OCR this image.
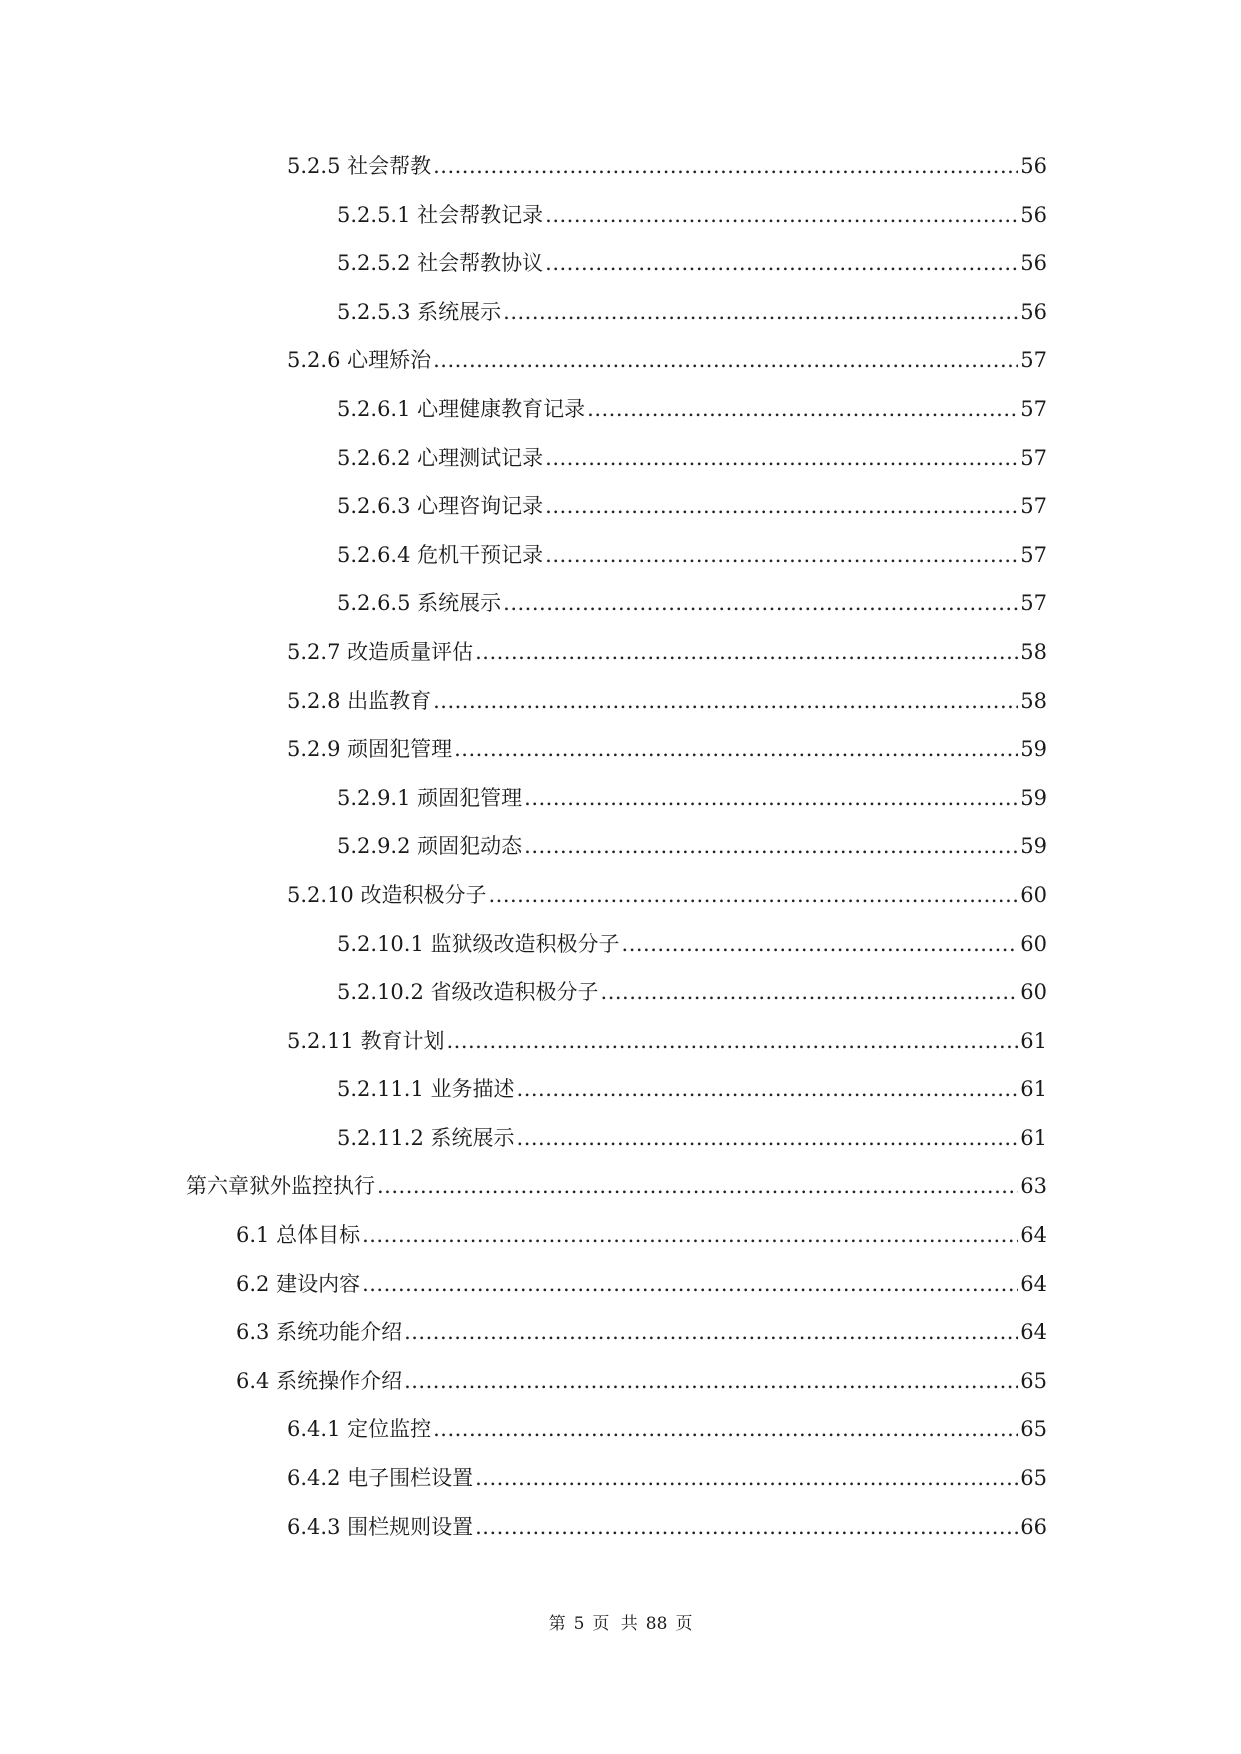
5.2.5 社会帮教 .....	56
5.2.5.1 社会帮教记录 .....	56
5.2.5.2 社会帮教协议 .....	56
5.2.5.3 系统展示 .....	56
5.2.6 心理矫治 .....	57
5.2.6.1 心理健康教育记录 .....	57
5.2.6.2 心理测试记录 .....	57
5.2.6.3 心理咨询记录 .....	57
5.2.6.4 危机干预记录 .....	57
5.2.6.5 系统展示 .....	57
5.2.7 改造质量评估 .....	58
5.2.8 出监教育 .....	58
5.2.9 顽固犯管理 .....	59
5.2.9.1 顽固犯管理 .....	59
5.2.9.2 顽固犯动态 .....	59
5.2.10 改造积极分子 .....	60
5.2.10.1 监狱级改造积极分子 .....	60
5.2.10.2 省级改造积极分子 .....	60
5.2.11 教育计划 .....	61
5.2.11.1 业务描述 .....	61
5.2.11.2 系统展示 .....	61
第六章狱外监控执行 .....	63
6.1 总体目标 .....	64
6.2 建设内容 .....	64
6.3 系统功能介绍 .....	64
6.4 系统操作介绍 .....	65
6.4.1 定位监控 .....	65
6.4.2 电子围栏设置 .....	65
6.4.3 围栏规则设置 .....	66
第 5 页 共 88 页
